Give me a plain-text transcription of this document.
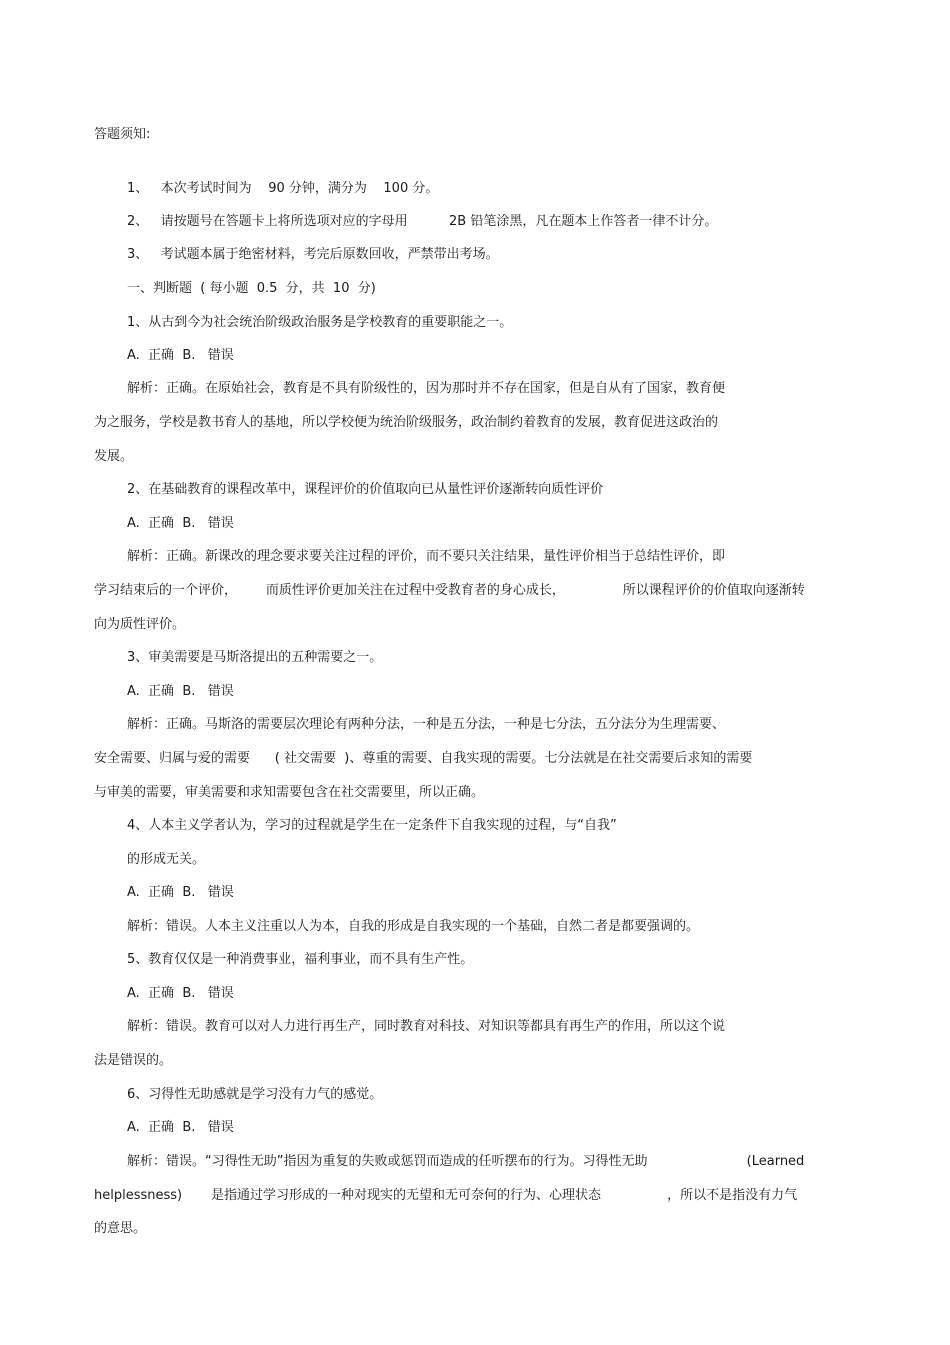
答题须知:
1、   本次考试时间为    90 分钟，满分为    100 分。
2、   请按题号在答题卡上将所选项对应的字母用          2B 铅笔涂黑，凡在题本上作答者一律不计分。
3、   考试题本属于绝密材料，考完后原数回收，严禁带出考场。
一、判断题  ( 每小题  0.5  分，共  10  分)
1、从古到今为社会统治阶级政治服务是学校教育的重要职能之一。
A.  正确  B.   错误
解析：正确。在原始社会，教育是不具有阶级性的，因为那时并不存在国家，但是自从有了国家，教育便
为之服务，学校是教书育人的基地，所以学校便为统治阶级服务，政治制约着教育的发展，教育促进这政治的
发展。
2、在基础教育的课程改革中，课程评价的价值取向已从量性评价逐渐转向质性评价
A.  正确  B.   错误
解析：正确。新课改的理念要求要关注过程的评价，而不要只关注结果，量性评价相当于总结性评价，即
学习结束后的一个评价，       而质性评价更加关注在过程中受教育者的身心成长，              所以课程评价的价值取向逐渐转
向为质性评价。
3、审美需要是马斯洛提出的五种需要之一。
A.  正确  B.   错误
解析：正确。马斯洛的需要层次理论有两种分法，一种是五分法，一种是七分法，五分法分为生理需要、
安全需要、归属与爱的需要      ( 社交需要  )、尊重的需要、自我实现的需要。七分法就是在社交需要后求知的需要
与审美的需要，审美需要和求知需要包含在社交需要里，所以正确。
4、人本主义学者认为，学习的过程就是学生在一定条件下自我实现的过程，与“自我”
的形成无关。
A.  正确  B.   错误
解析：错误。人本主义注重以人为本，自我的形成是自我实现的一个基础，自然二者是都要强调的。
5、教育仅仅是一种消费事业，福利事业，而不具有生产性。
A.  正确  B.   错误
解析：错误。教育可以对人力进行再生产，同时教育对科技、对知识等都具有再生产的作用，所以这个说
法是错误的。
6、习得性无助感就是学习没有力气的感觉。
A.  正确  B.   错误
解析：错误。“习得性无助”指因为重复的失败或惩罚而造成的任听摆布的行为。习得性无助                        (Learned
helplessness)       是指通过学习形成的一种对现实的无望和无可奈何的行为、心理状态                ，所以不是指没有力气
的意思。
